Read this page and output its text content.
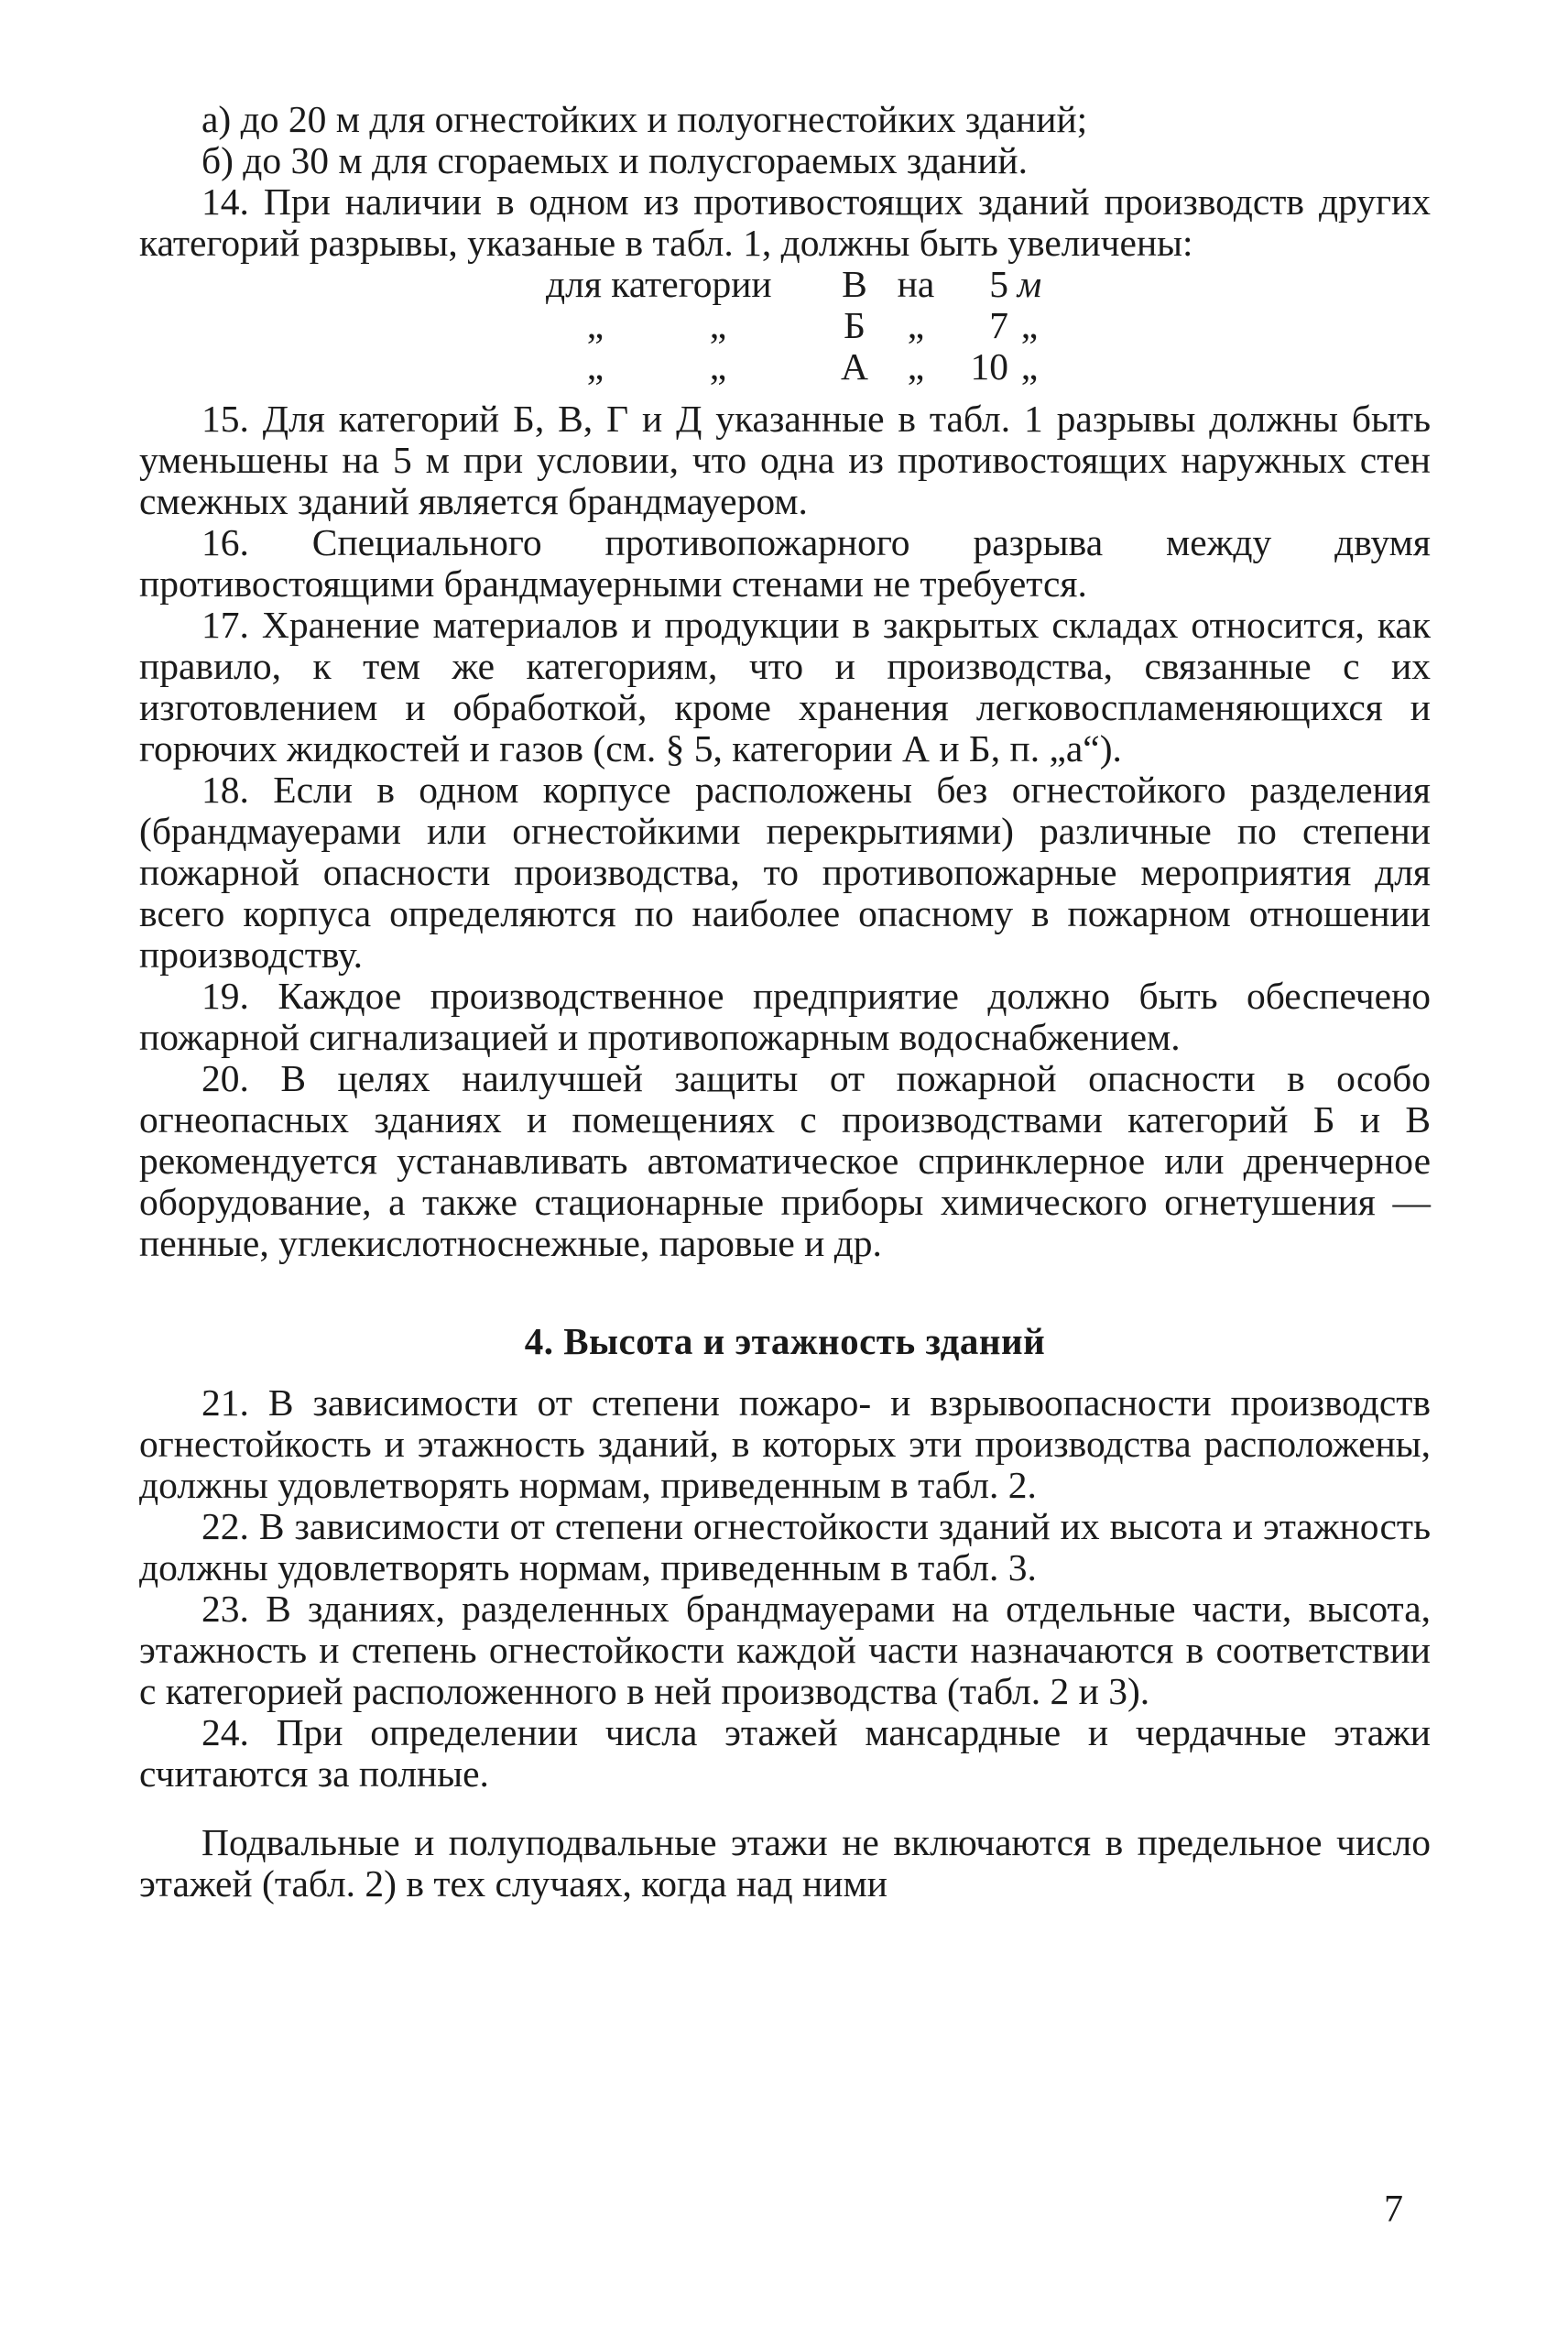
а) до 20 м для огнестойких и полуогнестойких зданий;

б) до 30 м для сгораемых и полусгораемых зданий.

14. При наличии в одном из противостоящих зданий производств других категорий разрывы, указаные в табл. 1, должны быть увеличены:

для категории	В на	5 м
„	„	Б	„	7 „
„	„	А	„	10 „

15. Для категорий Б, В, Г и Д указанные в табл. 1 разрывы должны быть уменьшены на 5 м при условии, что одна из противостоящих наружных стен смежных зданий является брандмауером.

16. Специального противопожарного разрыва между двумя противостоящими брандмауерными стенами не требуется.

17. Хранение материалов и продукции в закрытых складах относится, как правило, к тем же категориям, что и производства, связанные с их изготовлением и обработкой, кроме хранения легковоспламеняющихся и горючих жидкостей и газов (см. § 5, категории А и Б, п. „а“).

18. Если в одном корпусе расположены без огнестойкого разделения (брандмауерами или огнестойкими перекрытиями) различные по степени пожарной опасности производства, то противопожарные мероприятия для всего корпуса определяются по наиболее опасному в пожарном отношении производству.

19. Каждое производственное предприятие должно быть обеспечено пожарной сигнализацией и противопожарным водоснабжением.

20. В целях наилучшей защиты от пожарной опасности в особо огнеопасных зданиях и помещениях с производствами категорий Б и В рекомендуется устанавливать автоматическое спринклерное или дренчерное оборудование, а также стационарные приборы химического огнетушения — пенные, углекислотноснежные, паровые и др.

4. Высота и этажность зданий

21. В зависимости от степени пожаро- и взрывоопасности производств огнестойкость и этажность зданий, в которых эти производства расположены, должны удовлетворять нормам, приведенным в табл. 2.

22. В зависимости от степени огнестойкости зданий их высота и этажность должны удовлетворять нормам, приведенным в табл. 3.

23. В зданиях, разделенных брандмауерами на отдельные части, высота, этажность и степень огнестойкости каждой части назначаются в соответствии с категорией расположенного в ней производства (табл. 2 и 3).

24. При определении числа этажей мансардные и чердачные этажи считаются за полные.

Подвальные и полуподвальные этажи не включаются в предельное число этажей (табл. 2) в тех случаях, когда над ними

7
